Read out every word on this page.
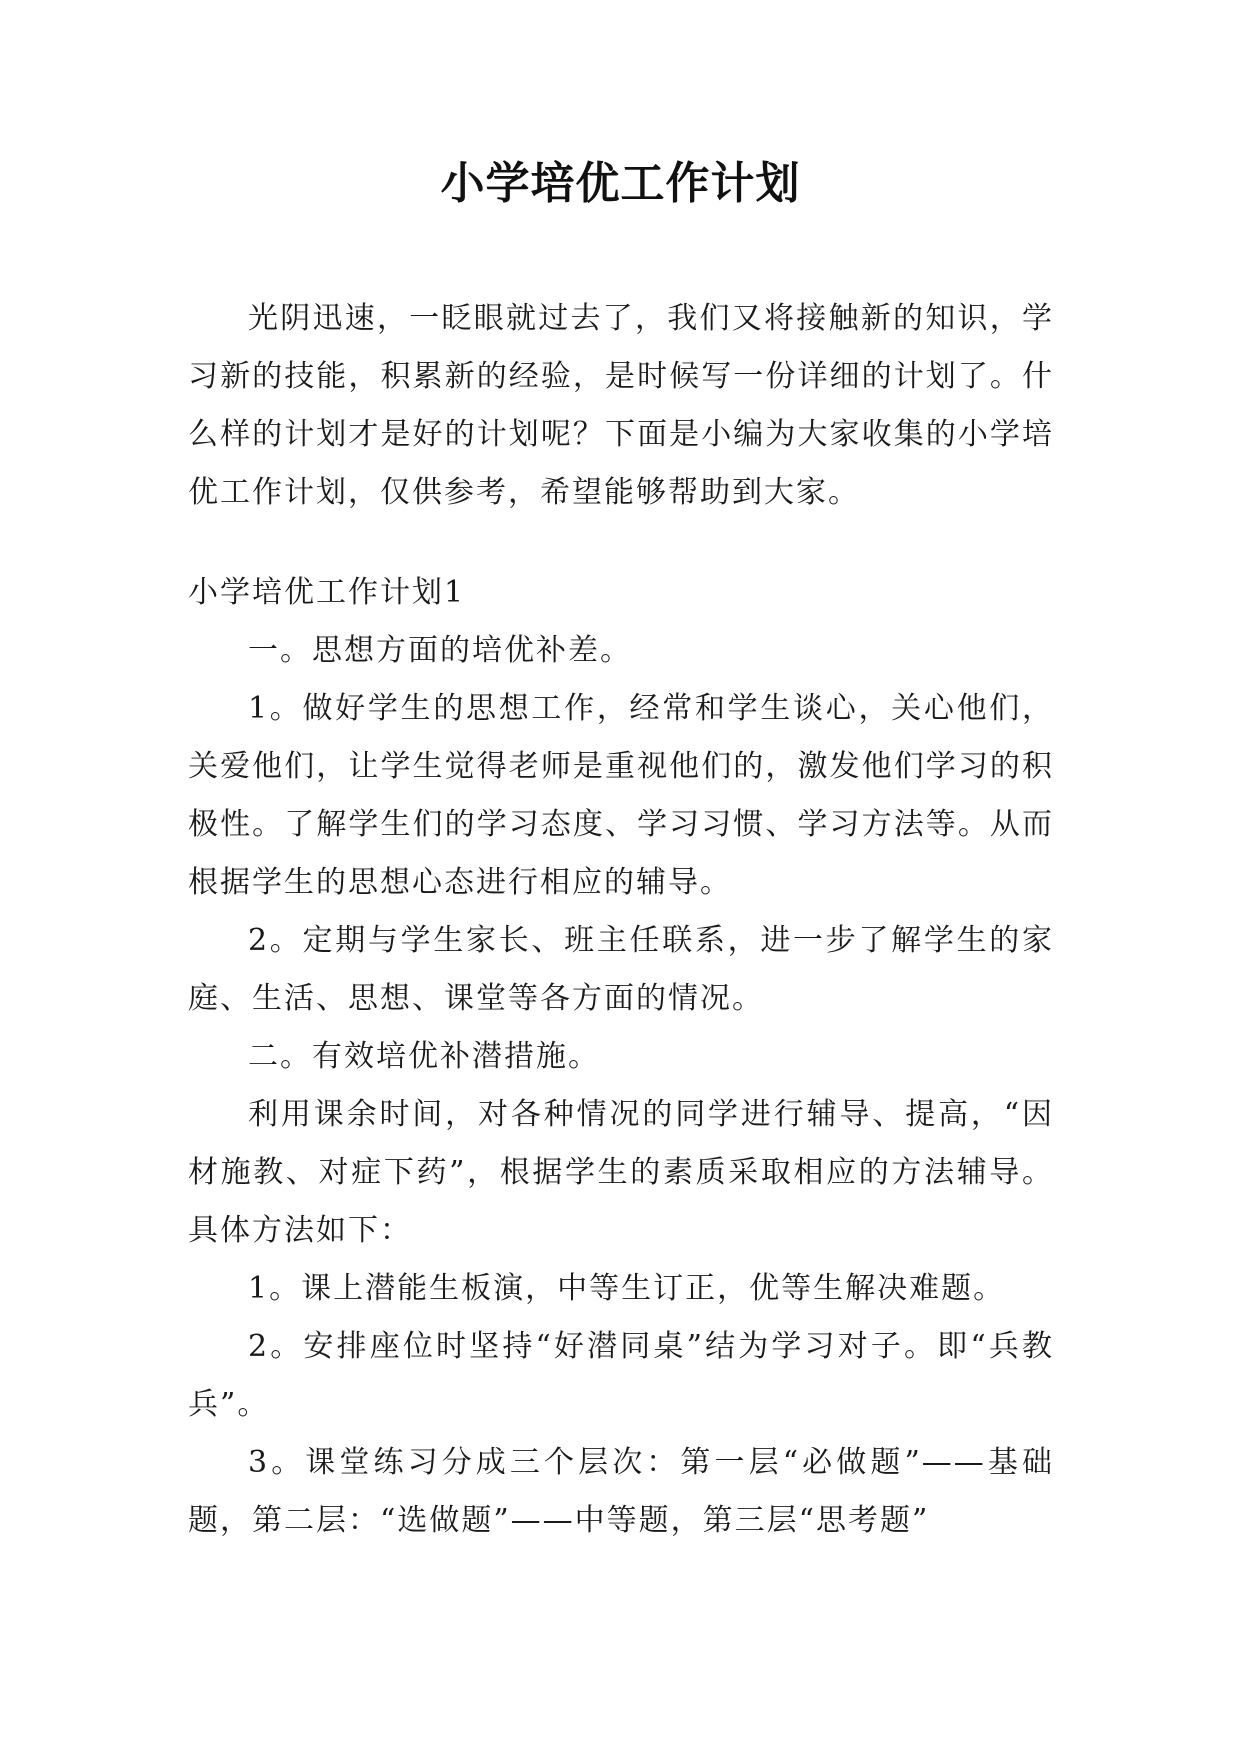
小学培优工作计划

光阴迅速，一眨眼就过去了，我们又将接触新的知识，学习新的技能，积累新的经验，是时候写一份详细的计划了。什么样的计划才是好的计划呢？下面是小编为大家收集的小学培优工作计划，仅供参考，希望能够帮助到大家。

小学培优工作计划1

一。思想方面的培优补差。

1。做好学生的思想工作，经常和学生谈心，关心他们，关爱他们，让学生觉得老师是重视他们的，激发他们学习的积极性。了解学生们的学习态度、学习习惯、学习方法等。从而根据学生的思想心态进行相应的辅导。

2。定期与学生家长、班主任联系，进一步了解学生的家庭、生活、思想、课堂等各方面的情况。

二。有效培优补潜措施。

利用课余时间，对各种情况的同学进行辅导、提高，“因材施教、对症下药”，根据学生的素质采取相应的方法辅导。具体方法如下：

1。课上潜能生板演，中等生订正，优等生解决难题。

2。安排座位时坚持“好潜同桌”结为学习对子。即“兵教兵”。

3。课堂练习分成三个层次：第一层“必做题”——基础题，第二层：“选做题”——中等题，第三层“思考题”
